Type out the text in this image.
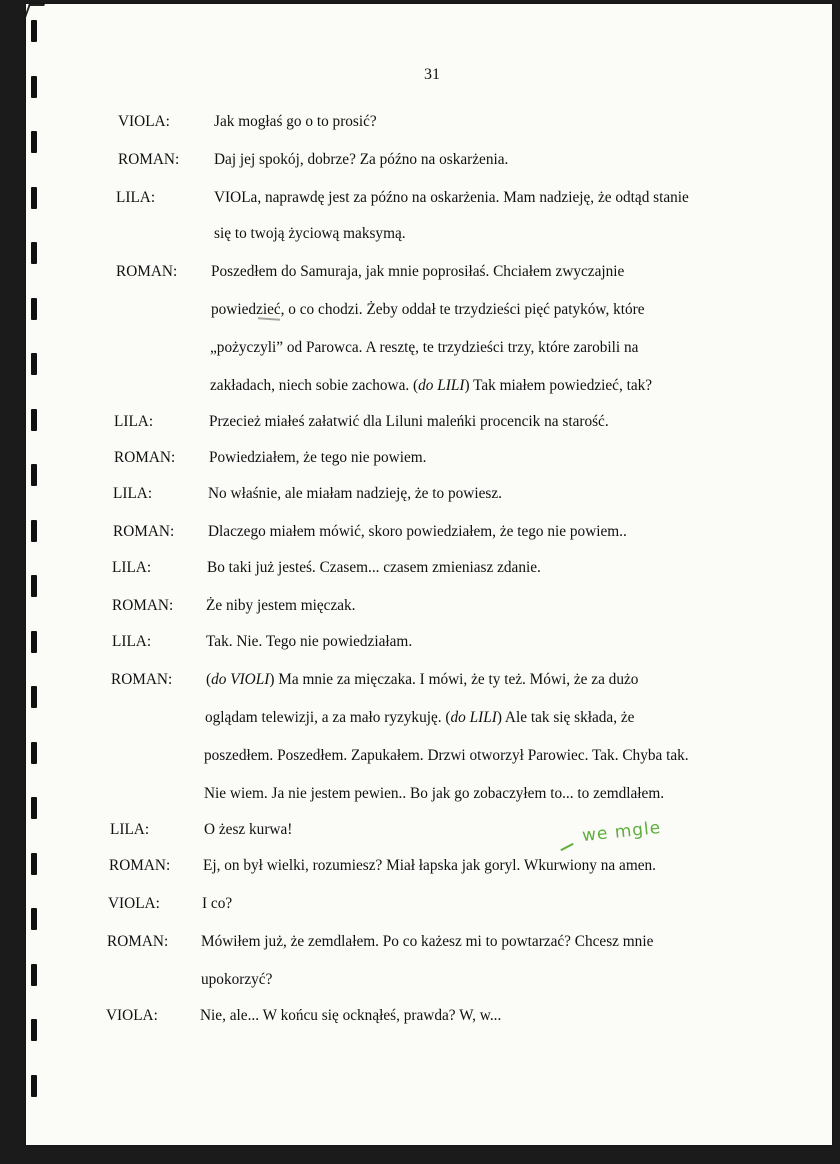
31
VIOLA:	Jak mogłaś go o to prosić?
ROMAN: Daj jej spokój, dobrze? Za późno na oskarżenia.
LILA:	VIOLa, naprawdę jest za późno na oskarżenia. Mam nadzieję, że odtąd stanie
się to twoją życiową maksymą.
ROMAN: Poszedłem do Samuraja, jak mnie poprosiłaś. Chciałem zwyczajnie
powiedzieć, o co chodzi. Żeby oddał te trzydzieści pięć patyków, które
„pożyczyli” od Parowca. A resztę, te trzydzieści trzy, które zarobili na
zakładach, niech sobie zachowa. (do LILI) Tak miałem powiedzieć, tak?
LILA:	Przecież miałeś załatwić dla Liluni maleńki procencik na starość.
ROMAN: Powiedziałem, że tego nie powiem.
LILA:	No właśnie, ale miałam nadzieję, że to powiesz.
ROMAN: Dlaczego miałem mówić, skoro powiedziałem, że tego nie powiem..
LILA:	Bo taki już jesteś. Czasem... czasem zmieniasz zdanie.
ROMAN: Że niby jestem mięczak.
LILA:	Tak. Nie. Tego nie powiedziałam.
ROMAN: (do VIOLI) Ma mnie za mięczaka. I mówi, że ty też. Mówi, że za dużo
oglądam telewizji, a za mało ryzykuję. (do LILI) Ale tak się składa, że
poszedłem. Poszedłem. Zapukałem. Drzwi otworzył Parowiec. Tak. Chyba tak.
Nie wiem. Ja nie jestem pewien.. Bo jak go zobaczyłem to... to zemdlałem.
LILA:	O żesz kurwa!
ROMAN: Ej, on był wielki, rozumiesz? Miał łapska jak goryl. Wkurwiony na amen.
VIOLA:	I co?
ROMAN: Mówiłem już, że zemdlałem. Po co każesz mi to powtarzać? Chcesz mnie
upokorzyć?
VIOLA:	Nie, ale... W końcu się ocknąłeś, prawda? W, w...
we mgle
